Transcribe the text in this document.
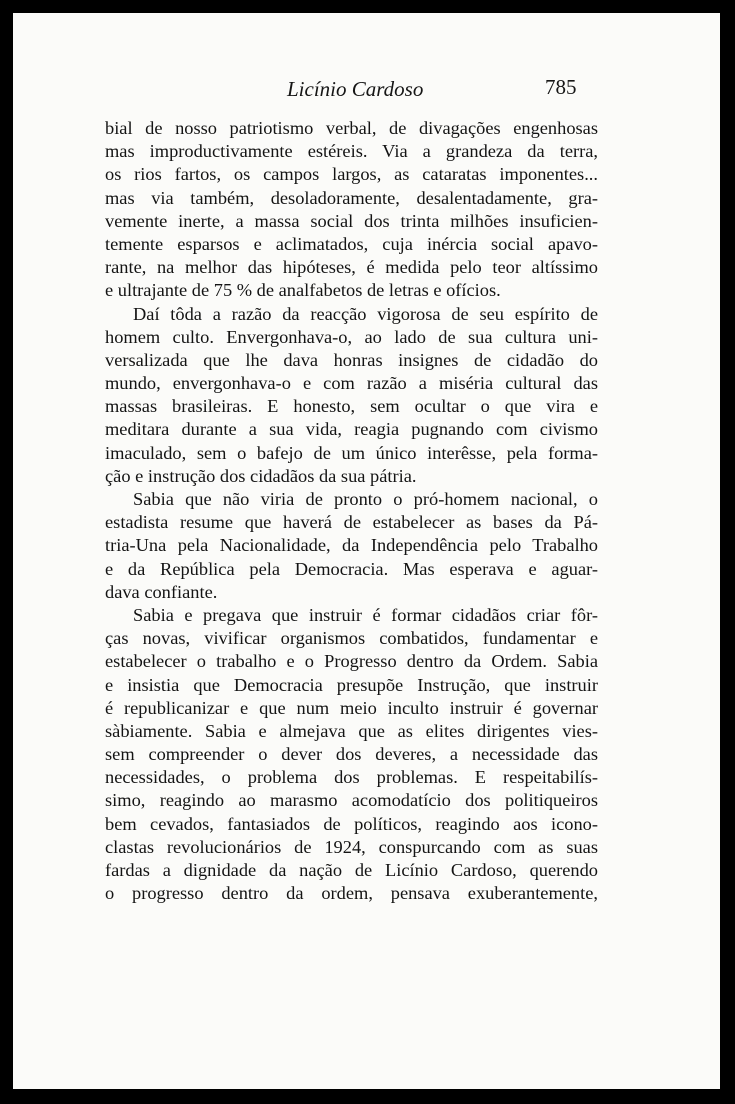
Licínio Cardoso	785
bial de nosso patriotismo verbal, de divagações engenhosas
mas improductivamente estéreis. Via a grandeza da terra,
os rios fartos, os campos largos, as cataratas imponentes...
mas via também, desoladoramente, desalentadamente, gra-
vemente inerte, a massa social dos trinta milhões insuficien-
temente esparsos e aclimatados, cuja inércia social apavo-
rante, na melhor das hipóteses, é medida pelo teor altíssimo
e ultrajante de 75 % de analfabetos de letras e ofícios.
Daí tôda a razão da reacção vigorosa de seu espírito de
homem culto. Envergonhava-o, ao lado de sua cultura uni-
versalizada que lhe dava honras insignes de cidadão do
mundo, envergonhava-o e com razão a miséria cultural das
massas brasileiras. E honesto, sem ocultar o que vira e
meditara durante a sua vida, reagia pugnando com civismo
imaculado, sem o bafejo de um único interêsse, pela forma-
ção e instrução dos cidadãos da sua pátria.
Sabia que não viria de pronto o pró-homem nacional, o
estadista resume que haverá de estabelecer as bases da Pá-
tria-Una pela Nacionalidade, da Independência pelo Trabalho
e da República pela Democracia. Mas esperava e aguar-
dava confiante.
Sabia e pregava que instruir é formar cidadãos criar fôr-
ças novas, vivificar organismos combatidos, fundamentar e
estabelecer o trabalho e o Progresso dentro da Ordem. Sabia
e insistia que Democracia presupõe Instrução, que instruir
é republicanizar e que num meio inculto instruir é governar
sàbiamente. Sabia e almejava que as elites dirigentes vies-
sem compreender o dever dos deveres, a necessidade das
necessidades, o problema dos problemas. E respeitabilís-
simo, reagindo ao marasmo acomodatício dos politiqueiros
bem cevados, fantasiados de políticos, reagindo aos icono-
clastas revolucionários de 1924, conspurcando com as suas
fardas a dignidade da nação de Licínio Cardoso, querendo
o progresso dentro da ordem, pensava exuberantemente,
